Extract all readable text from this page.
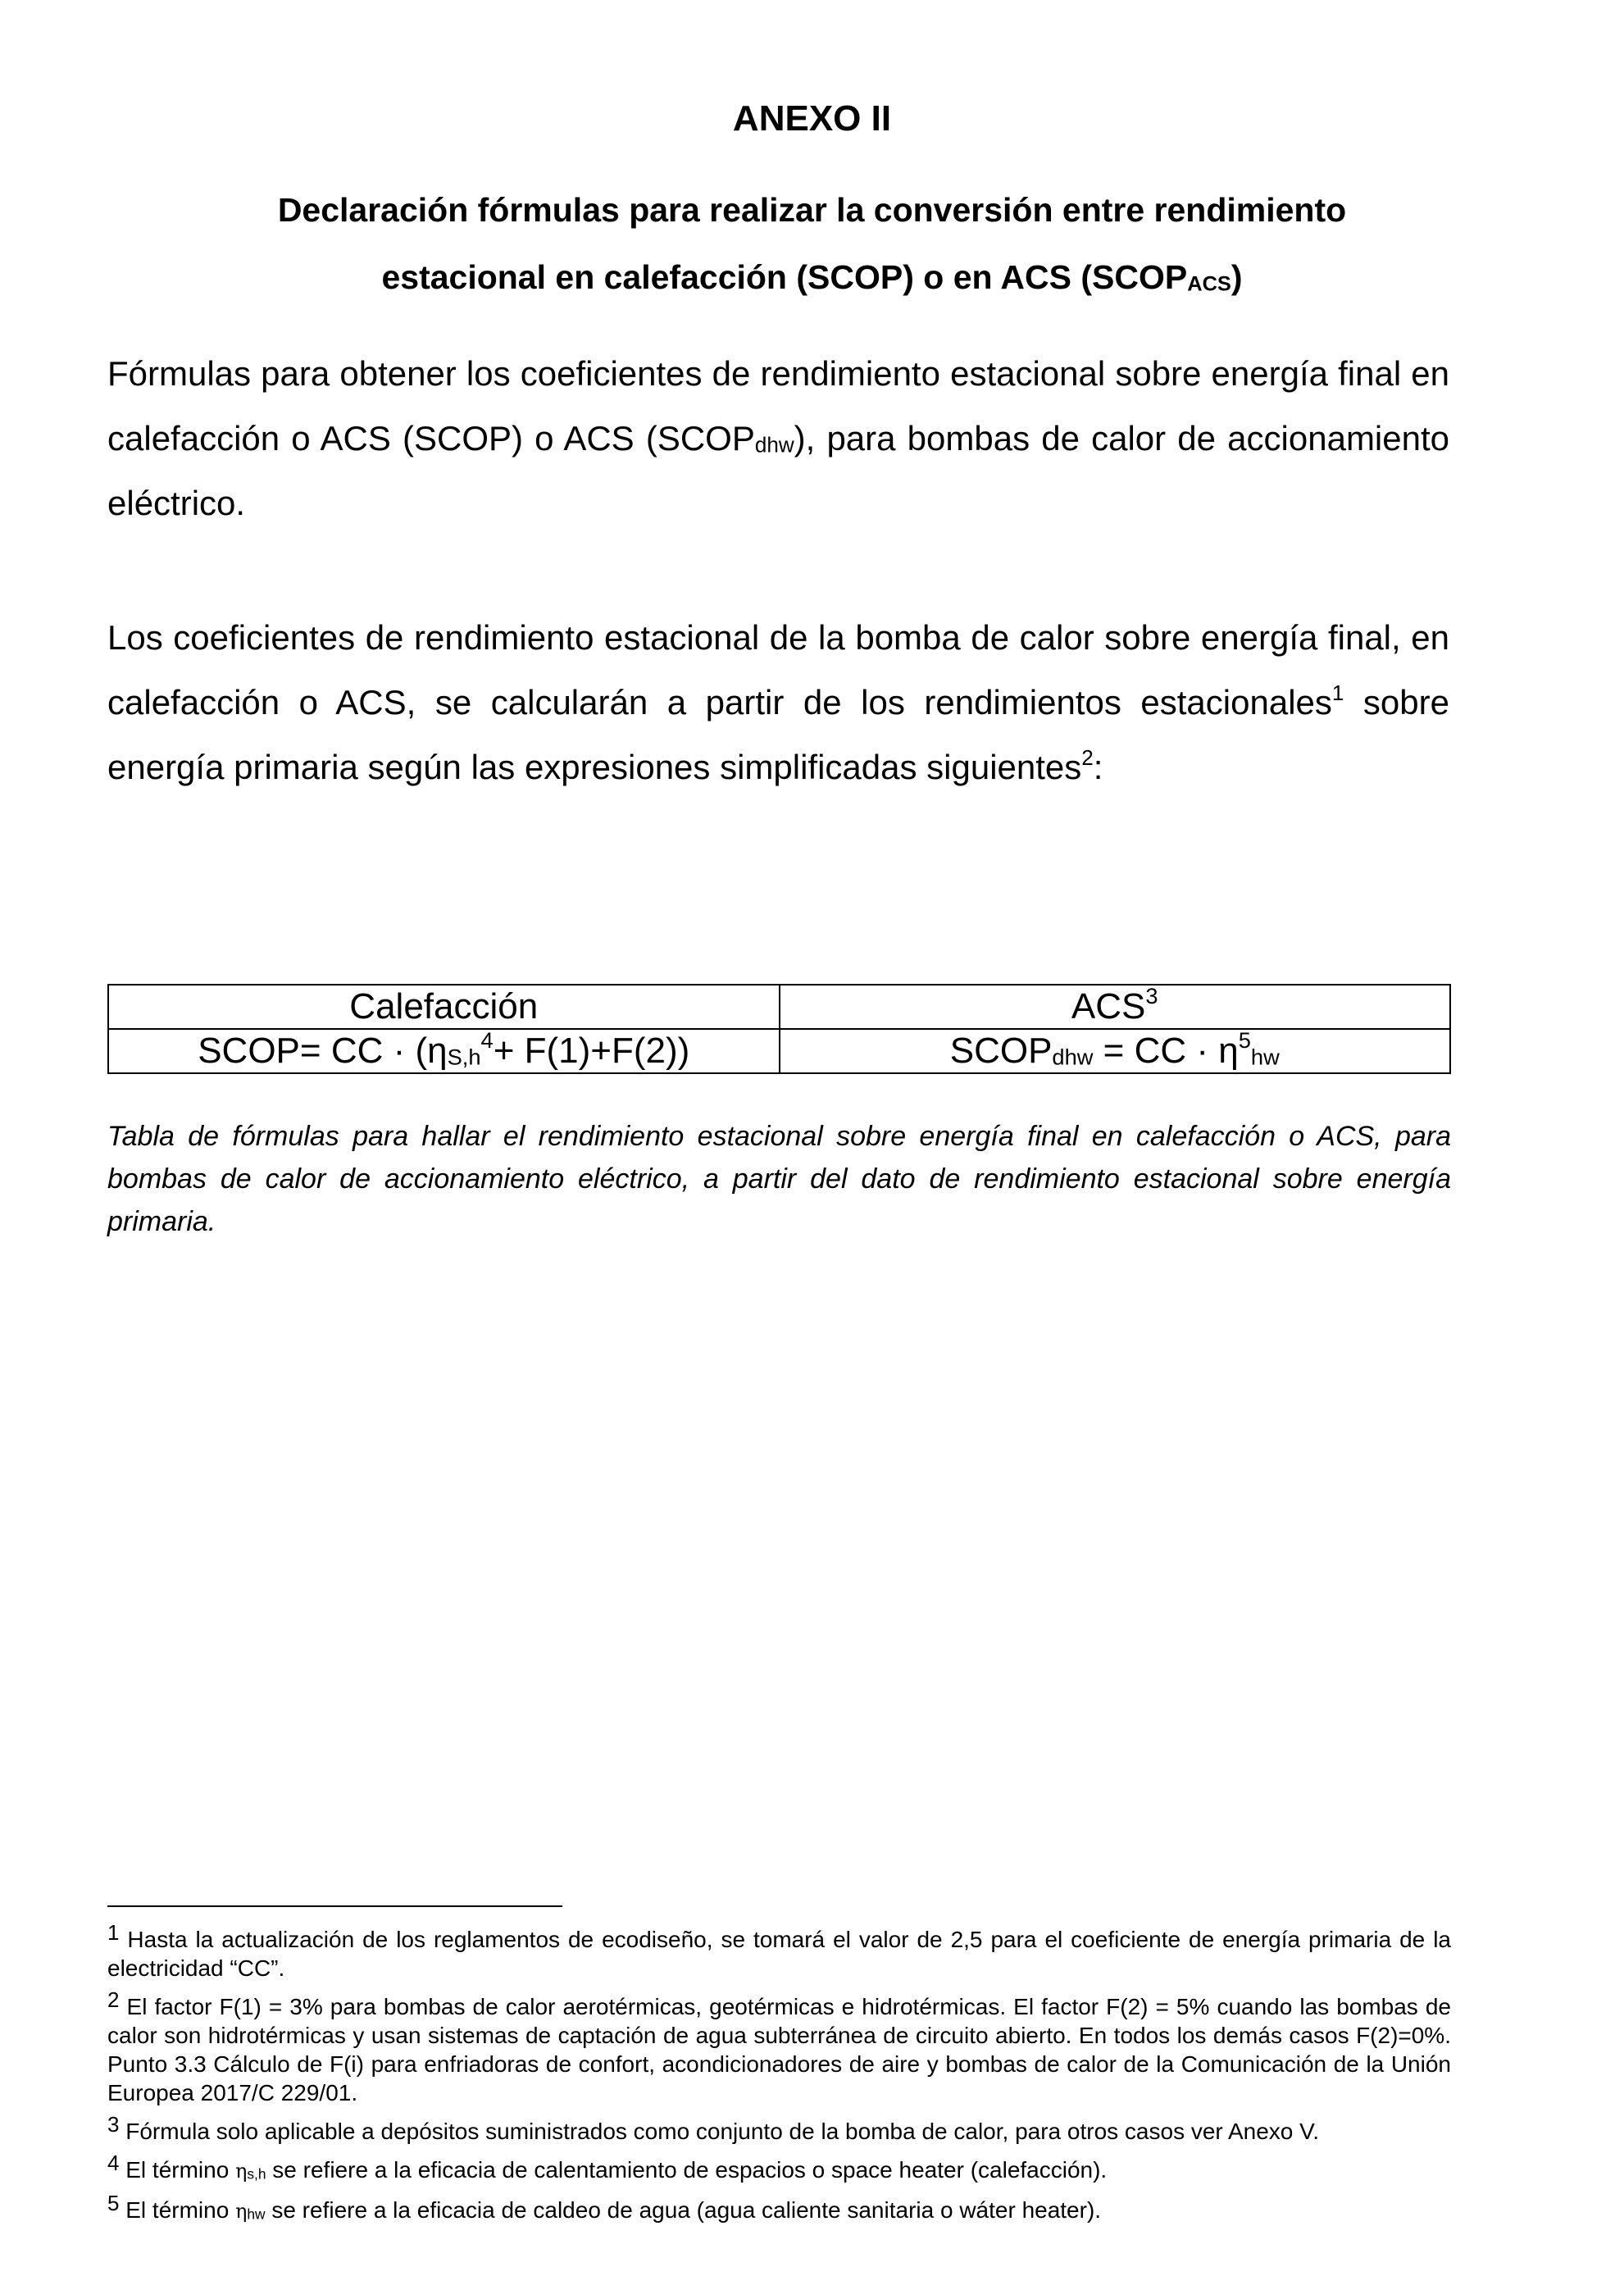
ANEXO II
Declaración fórmulas para realizar la conversión entre rendimiento
estacional en calefacción (SCOP) o en ACS $(SCOP_{ACS})$

Fórmulas para obtener los coeficientes de rendimiento estacional sobre energía final en calefacción o ACS (SCOP) o ACS $(SCOP_{dhw})$, para bombas de calor de accionamiento eléctrico.

Los coeficientes de rendimiento estacional de la bomba de calor sobre energía final, en calefacción o ACS, se calcularán a partir de los rendimientos estacionales$^1$ sobre energía primaria según las expresiones simplificadas siguientes$^2$:

Calefacción	ACS$^3$
SCOP= CC · $(\eta_{S,h}^4+ F(1)+F(2))$	$SCOP_{dhw}$ = CC · η$^5_{hw}$

Tabla de fórmulas para hallar el rendimiento estacional sobre energía final en calefacción o ACS, para bombas de calor de accionamiento eléctrico, a partir del dato de rendimiento estacional sobre energía primaria.

1 Hasta la actualización de los reglamentos de ecodiseño, se tomará el valor de 2,5 para el coeficiente de energía primaria de la electricidad “CC”.
2 El factor F(1) = 3% para bombas de calor aerotérmicas, geotérmicas e hidrotérmicas. El factor F(2) = 5% cuando las bombas de calor son hidrotérmicas y usan sistemas de captación de agua subterránea de circuito abierto. En todos los demás casos F(2)=0%. Punto 3.3 Cálculo de F(i) para enfriadoras de confort, acondicionadores de aire y bombas de calor de la Comunicación de la Unión Europea 2017/C 229/01.
3 Fórmula solo aplicable a depósitos suministrados como conjunto de la bomba de calor, para otros casos ver Anexo V.
4 El término $\eta_{s,h}$ se refiere a la eficacia de calentamiento de espacios o space heater (calefacción).
5 El término $\eta_{hw}$ se refiere a la eficacia de caldeo de agua (agua caliente sanitaria o wáter heater).
